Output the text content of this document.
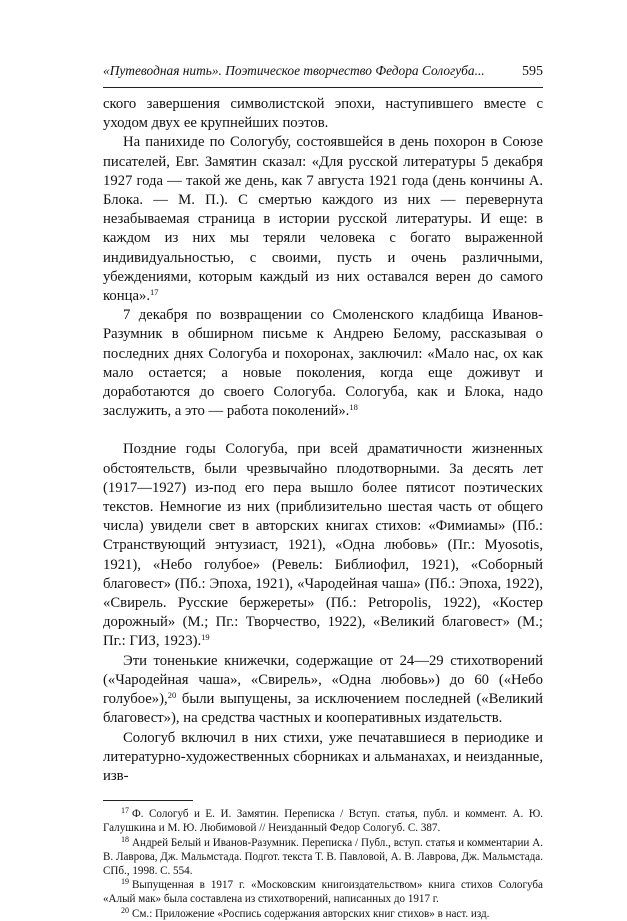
«Путеводная нить». Поэтическое творчество Федора Сологуба...	595

ского завершения символистской эпохи, наступившего вместе с уходом двух ее крупнейших поэтов.

На панихиде по Сологубу, состоявшейся в день похорон в Союзе писателей, Евг. Замятин сказал: «Для русской литературы 5 декабря 1927 года — такой же день, как 7 августа 1921 года (день кончины А. Блока. — М. П.). С смертью каждого из них — перевернута незабываемая страница в истории русской литературы. И еще: в каждом из них мы теряли человека с богато выраженной индивидуальностью, с своими, пусть и очень различными, убеждениями, которым каждый из них оставался верен до самого конца».$^{17}$

7 декабря по возвращении со Смоленского кладбища Иванов-Разумник в обширном письме к Андрею Белому, рассказывая о последних днях Сологуба и похоронах, заключил: «Мало нас, ох как мало остается; а новые поколения, когда еще доживут и доработаются до своего Сологуба. Сологуба, как и Блока, надо заслужить, а это — работа поколений».$^{18}$

Поздние годы Сологуба, при всей драматичности жизненных обстоятельств, были чрезвычайно плодотворными. За десять лет (1917—1927) из-под его пера вышло более пятисот поэтических текстов. Немногие из них (приблизительно шестая часть от общего числа) увидели свет в авторских книгах стихов: «Фимиамы» (Пб.: Странствующий энтузиаст, 1921), «Одна любовь» (Пг.: Myosotis, 1921), «Небо голубое» (Ревель: Библиофил, 1921), «Соборный благовест» (Пб.: Эпоха, 1921), «Чародейная чаша» (Пб.: Эпоха, 1922), «Свирель. Русские бержереты» (Пб.: Petropolis, 1922), «Костер дорожный» (М.; Пг.: Творчество, 1922), «Великий благовест» (М.; Пг.: ГИЗ, 1923).$^{19}$

Эти тоненькие книжечки, содержащие от 24—29 стихотворений («Чародейная чаша», «Свирель», «Одна любовь») до 60 («Небо голубое»),$^{20}$ были выпущены, за исключением последней («Великий благовест»), на средства частных и кооперативных издательств.

Сологуб включил в них стихи, уже печатавшиеся в периодике и литературно-художественных сборниках и альманахах, и неизданные, изв-

$^{17}$ Ф. Сологуб и Е. И. Замятин. Переписка / Вступ. статья, публ. и коммент. А. Ю. Галушкина и М. Ю. Любимовой // Неизданный Федор Сологуб. С. 387.

$^{18}$ Андрей Белый и Иванов-Разумник. Переписка / Публ., вступ. статья и комментарии А. В. Лаврова, Дж. Мальмстада. Подгот. текста Т. В. Павловой, А. В. Лаврова, Дж. Мальмстада. СПб., 1998. С. 554.

$^{19}$ Выпущенная в 1917 г. «Московским книгоиздательством» книга стихов Сологуба «Алый мак» была составлена из стихотворений, написанных до 1917 г.

$^{20}$ См.: Приложение «Роспись содержания авторских книг стихов» в наст. изд.
